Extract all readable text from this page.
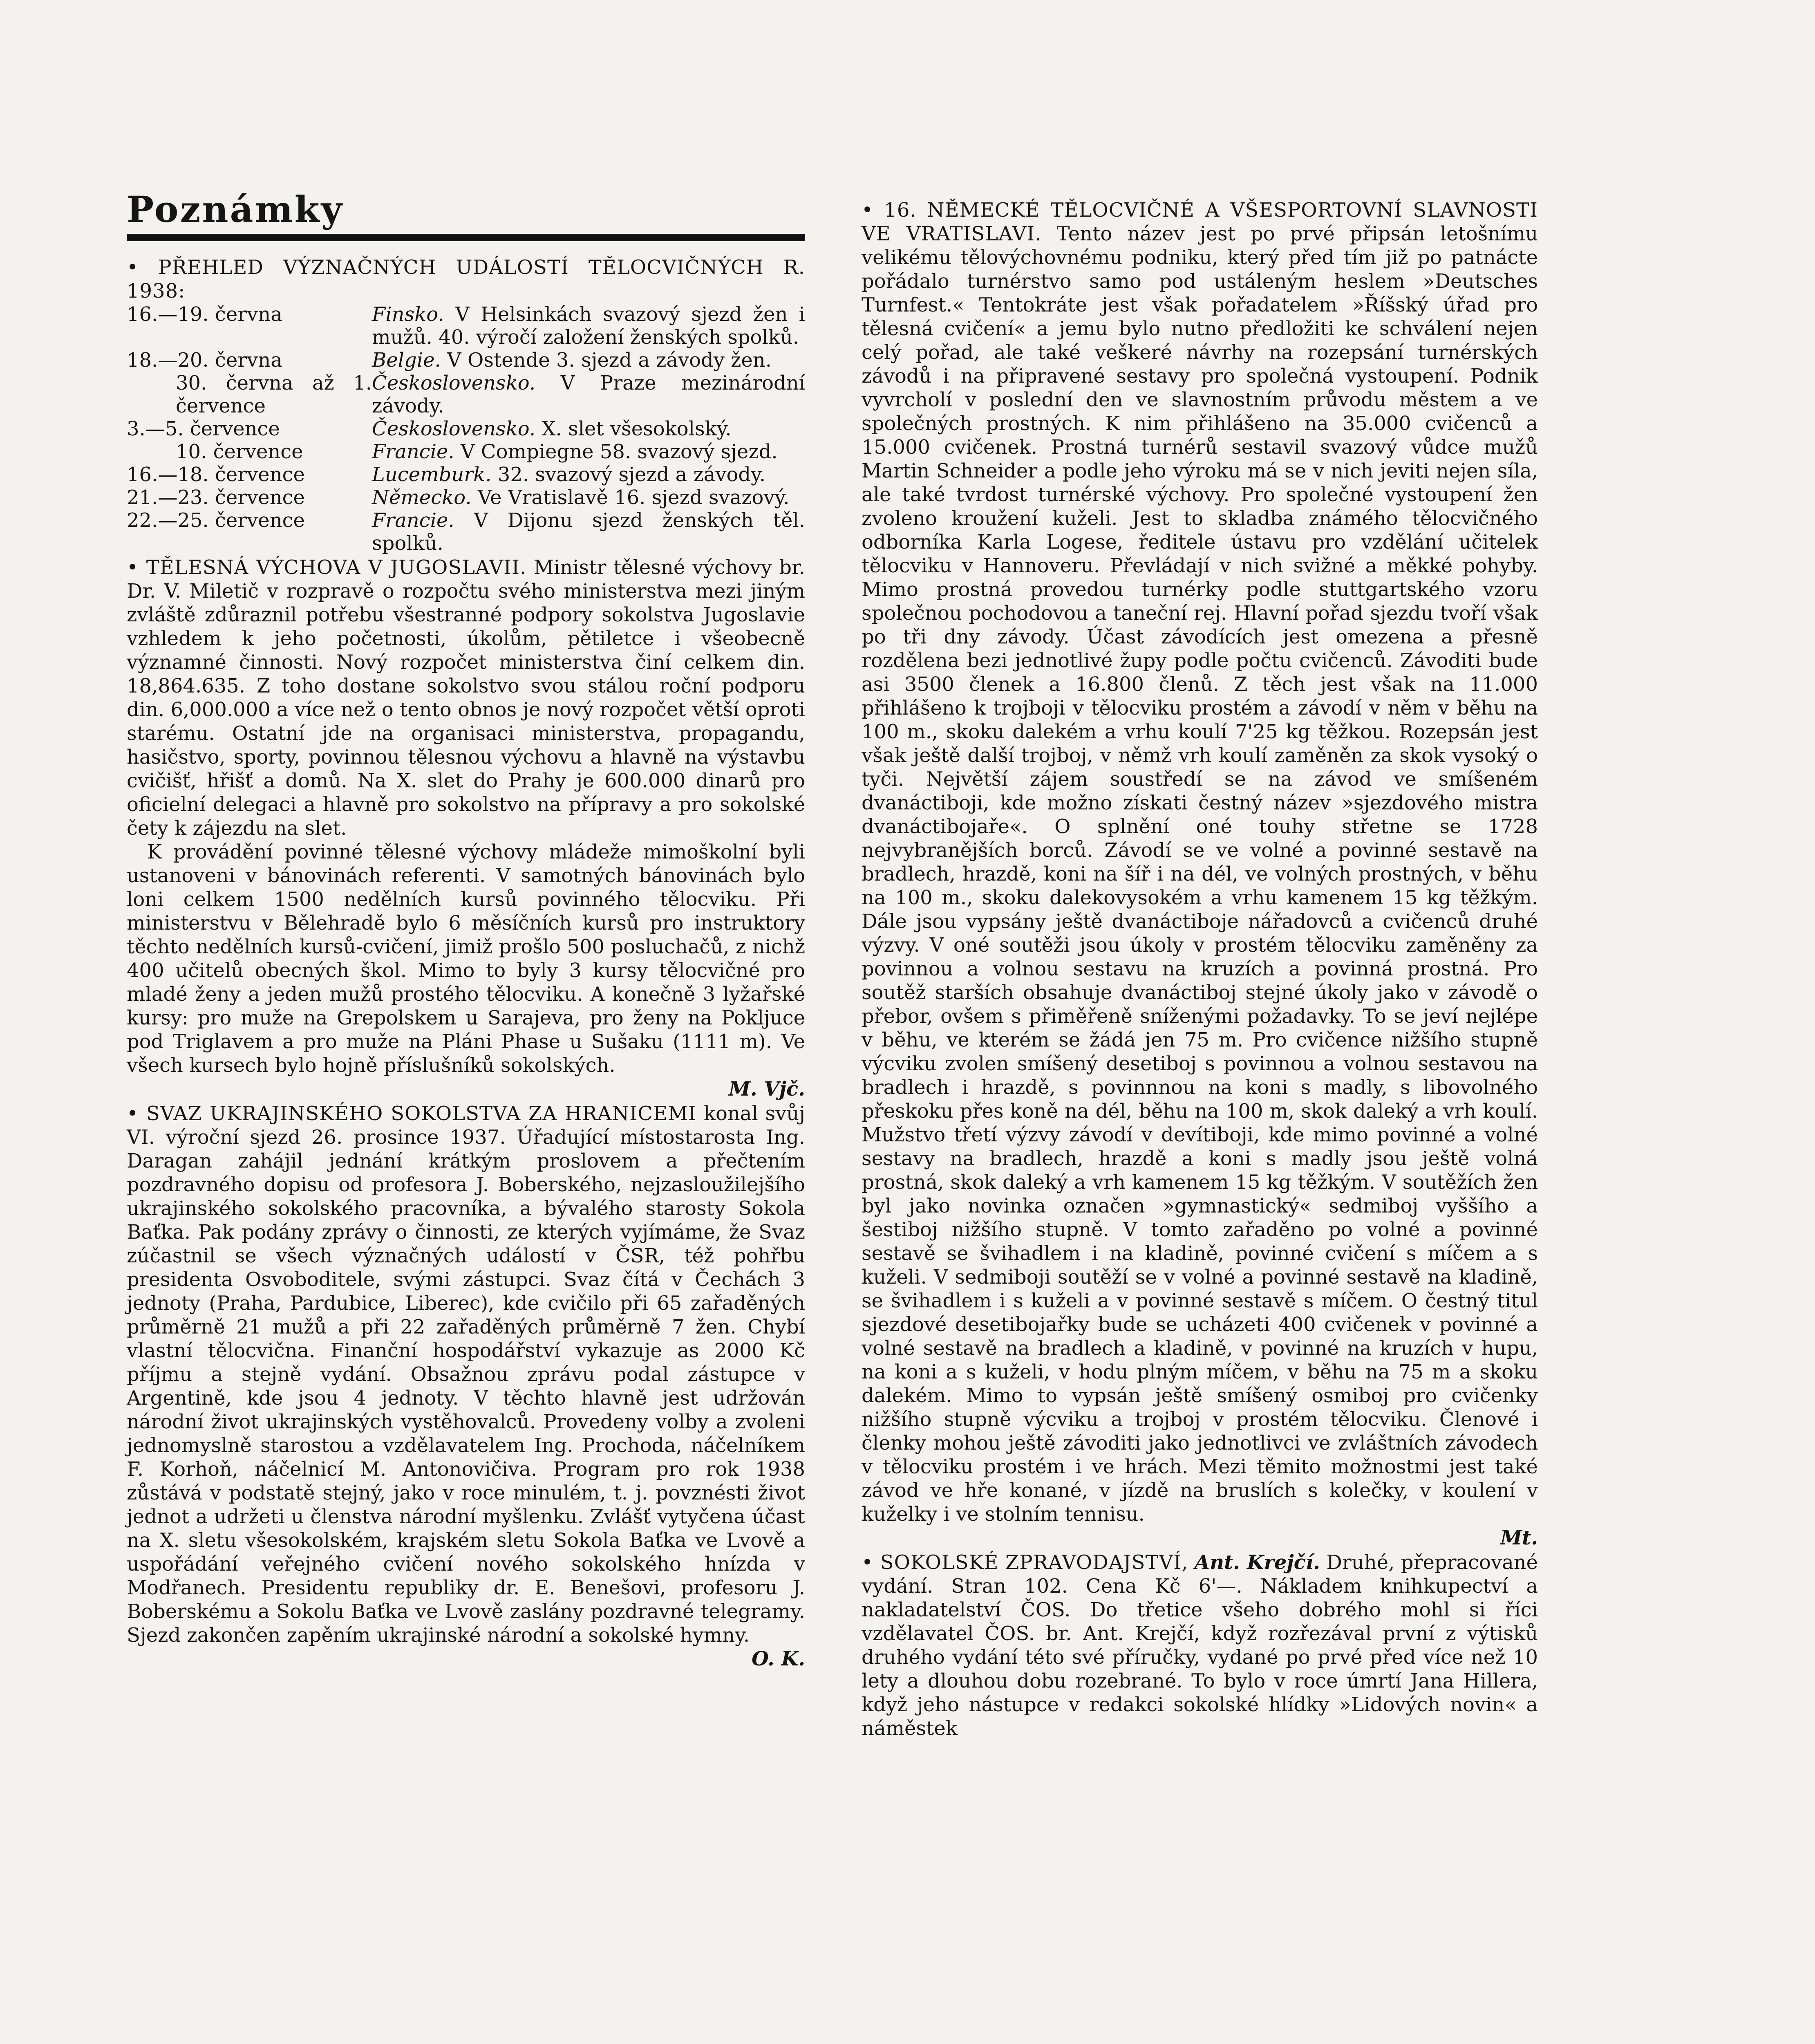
Poznámky

• PŘEHLED VÝZNAČNÝCH UDÁLOSTÍ TĚLOCVIČNÝCH R. 1938:

16.—19. června	Finsko. V Helsinkách svazový sjezd žen i mužů. 40. výročí založení ženských spolků.
18.—20. června	Belgie. V Ostende 3. sjezd a závody žen.
30. června až 1. července	Československo. V Praze mezinárodní závody.
3.—5. července	Československo. X. slet všesokolský.
10. července	Francie. V Compiegne 58. svazový sjezd.
16.—18. července	Lucemburk. 32. svazový sjezd a závody.
21.—23. července	Německo. Ve Vratislavě 16. sjezd svazový.
22.—25. července	Francie. V Dijonu sjezd ženských těl. spolků.

• TĚLESNÁ VÝCHOVA V JUGOSLAVII. Ministr tělesné výchovy br. Dr. V. Miletič v rozpravě o rozpočtu svého ministerstva mezi jiným zvláště zdůraznil potřebu všestranné podpory sokolstva Jugoslavie vzhledem k jeho početnosti, úkolům, pětiletce i všeobecně významné činnosti. Nový rozpočet ministerstva činí celkem din. 18,864.635. Z toho dostane sokolstvo svou stálou roční podporu din. 6,000.000 a více než o tento obnos je nový rozpočet větší oproti starému. Ostatní jde na organisaci ministerstva, propagandu, hasičstvo, sporty, povinnou tělesnou výchovu a hlavně na výstavbu cvičišť, hřišť a domů. Na X. slet do Prahy je 600.000 dinarů pro oficielní delegaci a hlavně pro sokolstvo na přípravy a pro sokolské čety k zájezdu na slet.

K provádění povinné tělesné výchovy mládeže mimoškolní byli ustanoveni v bánovinách referenti. V samotných bánovinách bylo loni celkem 1500 nedělních kursů povinného tělocviku. Při ministerstvu v Bělehradě bylo 6 měsíčních kursů pro instruktory těchto nedělních kursů-cvičení, jimiž prošlo 500 posluchačů, z nichž 400 učitelů obecných škol. Mimo to byly 3 kursy tělocvičné pro mladé ženy a jeden mužů prostého tělocviku. A konečně 3 lyžařské kursy: pro muže na Grepolskem u Sarajeva, pro ženy na Pokljuce pod Triglavem a pro muže na Pláni Phase u Sušaku (1111 m). Ve všech kursech bylo hojně příslušníků sokolských.

M. Vjč.

• SVAZ UKRAJINSKÉHO SOKOLSTVA ZA HRANICEMI konal svůj VI. výroční sjezd 26. prosince 1937. Úřadující místostarosta Ing. Daragan zahájil jednání krátkým proslovem a přečtením pozdravného dopisu od profesora J. Boberského, nejzasloužilejšího ukrajinského sokolského pracovníka, a bývalého starosty Sokola Baťka. Pak podány zprávy o činnosti, ze kterých vyjímáme, že Svaz zúčastnil se všech význačných událostí v ČSR, též pohřbu presidenta Osvoboditele, svými zástupci. Svaz čítá v Čechách 3 jednoty (Praha, Pardubice, Liberec), kde cvičilo při 65 zařaděných průměrně 21 mužů a při 22 zařaděných průměrně 7 žen. Chybí vlastní tělocvična. Finanční hospodářství vykazuje as 2000 Kč příjmu a stejně vydání. Obsažnou zprávu podal zástupce v Argentině, kde jsou 4 jednoty. V těchto hlavně jest udržován národní život ukrajinských vystěhovalců. Provedeny volby a zvoleni jednomyslně starostou a vzdělavatelem Ing. Prochoda, náčelníkem F. Korhoň, náčelnicí M. Antonovičiva. Program pro rok 1938 zůstává v podstatě stejný, jako v roce minulém, t. j. povznésti život jednot a udržeti u členstva národní myšlenku. Zvlášť vytyčena účast na X. sletu všesokolském, krajském sletu Sokola Baťka ve Lvově a uspořádání veřejného cvičení nového sokolského hnízda v Modřanech. Presidentu republiky dr. E. Benešovi, profesoru J. Boberskému a Sokolu Baťka ve Lvově zaslány pozdravné telegramy. Sjezd zakončen zapěním ukrajinské národní a sokolské hymny.

O. K.

• 16. NĚMECKÉ TĚLOCVIČNÉ A VŠESPORTOVNÍ SLAVNOSTI VE VRATISLAVI. Tento název jest po prvé připsán letošnímu velikému tělovýchovnému podniku, který před tím již po patnácte pořádalo turnérstvo samo pod ustáleným heslem »Deutsches Turnfest.« Tentokráte jest však pořadatelem »Říšský úřad pro tělesná cvičení« a jemu bylo nutno předložiti ke schválení nejen celý pořad, ale také veškeré návrhy na rozepsání turnérských závodů i na připravené sestavy pro společná vystoupení. Podnik vyvrcholí v poslední den ve slavnostním průvodu městem a ve společných prostných. K nim přihlášeno na 35.000 cvičenců a 15.000 cvičenek. Prostná turnérů sestavil svazový vůdce mužů Martin Schneider a podle jeho výroku má se v nich jeviti nejen síla, ale také tvrdost turnérské výchovy. Pro společné vystoupení žen zvoleno kroužení kuželi. Jest to skladba známého tělocvičného odborníka Karla Logese, ředitele ústavu pro vzdělání učitelek tělocviku v Hannoveru. Převládají v nich svižné a měkké pohyby. Mimo prostná provedou turnérky podle stuttgartského vzoru společnou pochodovou a taneční rej. Hlavní pořad sjezdu tvoří však po tři dny závody. Účast závodících jest omezena a přesně rozdělena bezi jednotlivé župy podle počtu cvičenců. Závoditi bude asi 3500 členek a 16.800 členů. Z těch jest však na 11.000 přihlášeno k trojboji v tělocviku prostém a závodí v něm v běhu na 100 m., skoku dalekém a vrhu koulí 7'25 kg těžkou. Rozepsán jest však ještě další trojboj, v němž vrh koulí zaměněn za skok vysoký o tyči. Největší zájem soustředí se na závod ve smíšeném dvanáctiboji, kde možno získati čestný název »sjezdového mistra dvanáctibojaře«. O splnění oné touhy střetne se 1728 nejvybranějších borců. Závodí se ve volné a povinné sestavě na bradlech, hrazdě, koni na šíř i na dél, ve volných prostných, v běhu na 100 m., skoku dalekovysokém a vrhu kamenem 15 kg těžkým. Dále jsou vypsány ještě dvanáctiboje nářadovců a cvičenců druhé výzvy. V oné soutěži jsou úkoly v prostém tělocviku zaměněny za povinnou a volnou sestavu na kruzích a povinná prostná. Pro soutěž starších obsahuje dvanáctiboj stejné úkoly jako v závodě o přebor, ovšem s přiměřeně sníženými požadavky. To se jeví nejlépe v běhu, ve kterém se žádá jen 75 m. Pro cvičence nižšího stupně výcviku zvolen smíšený desetiboj s povinnou a volnou sestavou na bradlech i hrazdě, s povinnnou na koni s madly, s libovolného přeskoku přes koně na dél, běhu na 100 m, skok daleký a vrh koulí. Mužstvo třetí výzvy závodí v devítiboji, kde mimo povinné a volné sestavy na bradlech, hrazdě a koni s madly jsou ještě volná prostná, skok daleký a vrh kamenem 15 kg těžkým. V soutěžích žen byl jako novinka označen »gymnastický« sedmiboj vyššího a šestiboj nižšího stupně. V tomto zařaděno po volné a povinné sestavě se švihadlem i na kladině, povinné cvičení s míčem a s kuželi. V sedmiboji soutěží se v volné a povinné sestavě na kladině, se švihadlem i s kuželi a v povinné sestavě s míčem. O čestný titul sjezdové desetibojařky bude se ucházeti 400 cvičenek v povinné a volné sestavě na bradlech a kladině, v povinné na kruzích v hupu, na koni a s kuželi, v hodu plným míčem, v běhu na 75 m a skoku dalekém. Mimo to vypsán ještě smíšený osmiboj pro cvičenky nižšího stupně výcviku a trojboj v prostém tělocviku. Členové i členky mohou ještě závoditi jako jednotlivci ve zvláštních závodech v tělocviku prostém i ve hrách. Mezi těmito možnostmi jest také závod ve hře konané, v jízdě na bruslích s kolečky, v koulení v kuželky i ve stolním tennisu.

Mt.

• SOKOLSKÉ ZPRAVODAJSTVÍ, Ant. Krejčí. Druhé, přepracované vydání. Stran 102. Cena Kč 6'—. Nákladem knihkupectví a nakladatelství ČOS. Do třetice všeho dobrého mohl si říci vzdělavatel ČOS. br. Ant. Krejčí, když rozřezával první z výtisků druhého vydání této své příručky, vydané po prvé před více než 10 lety a dlouhou dobu rozebrané. To bylo v roce úmrtí Jana Hillera, když jeho nástupce v redakci sokolské hlídky »Lidových novin« a náměstek
